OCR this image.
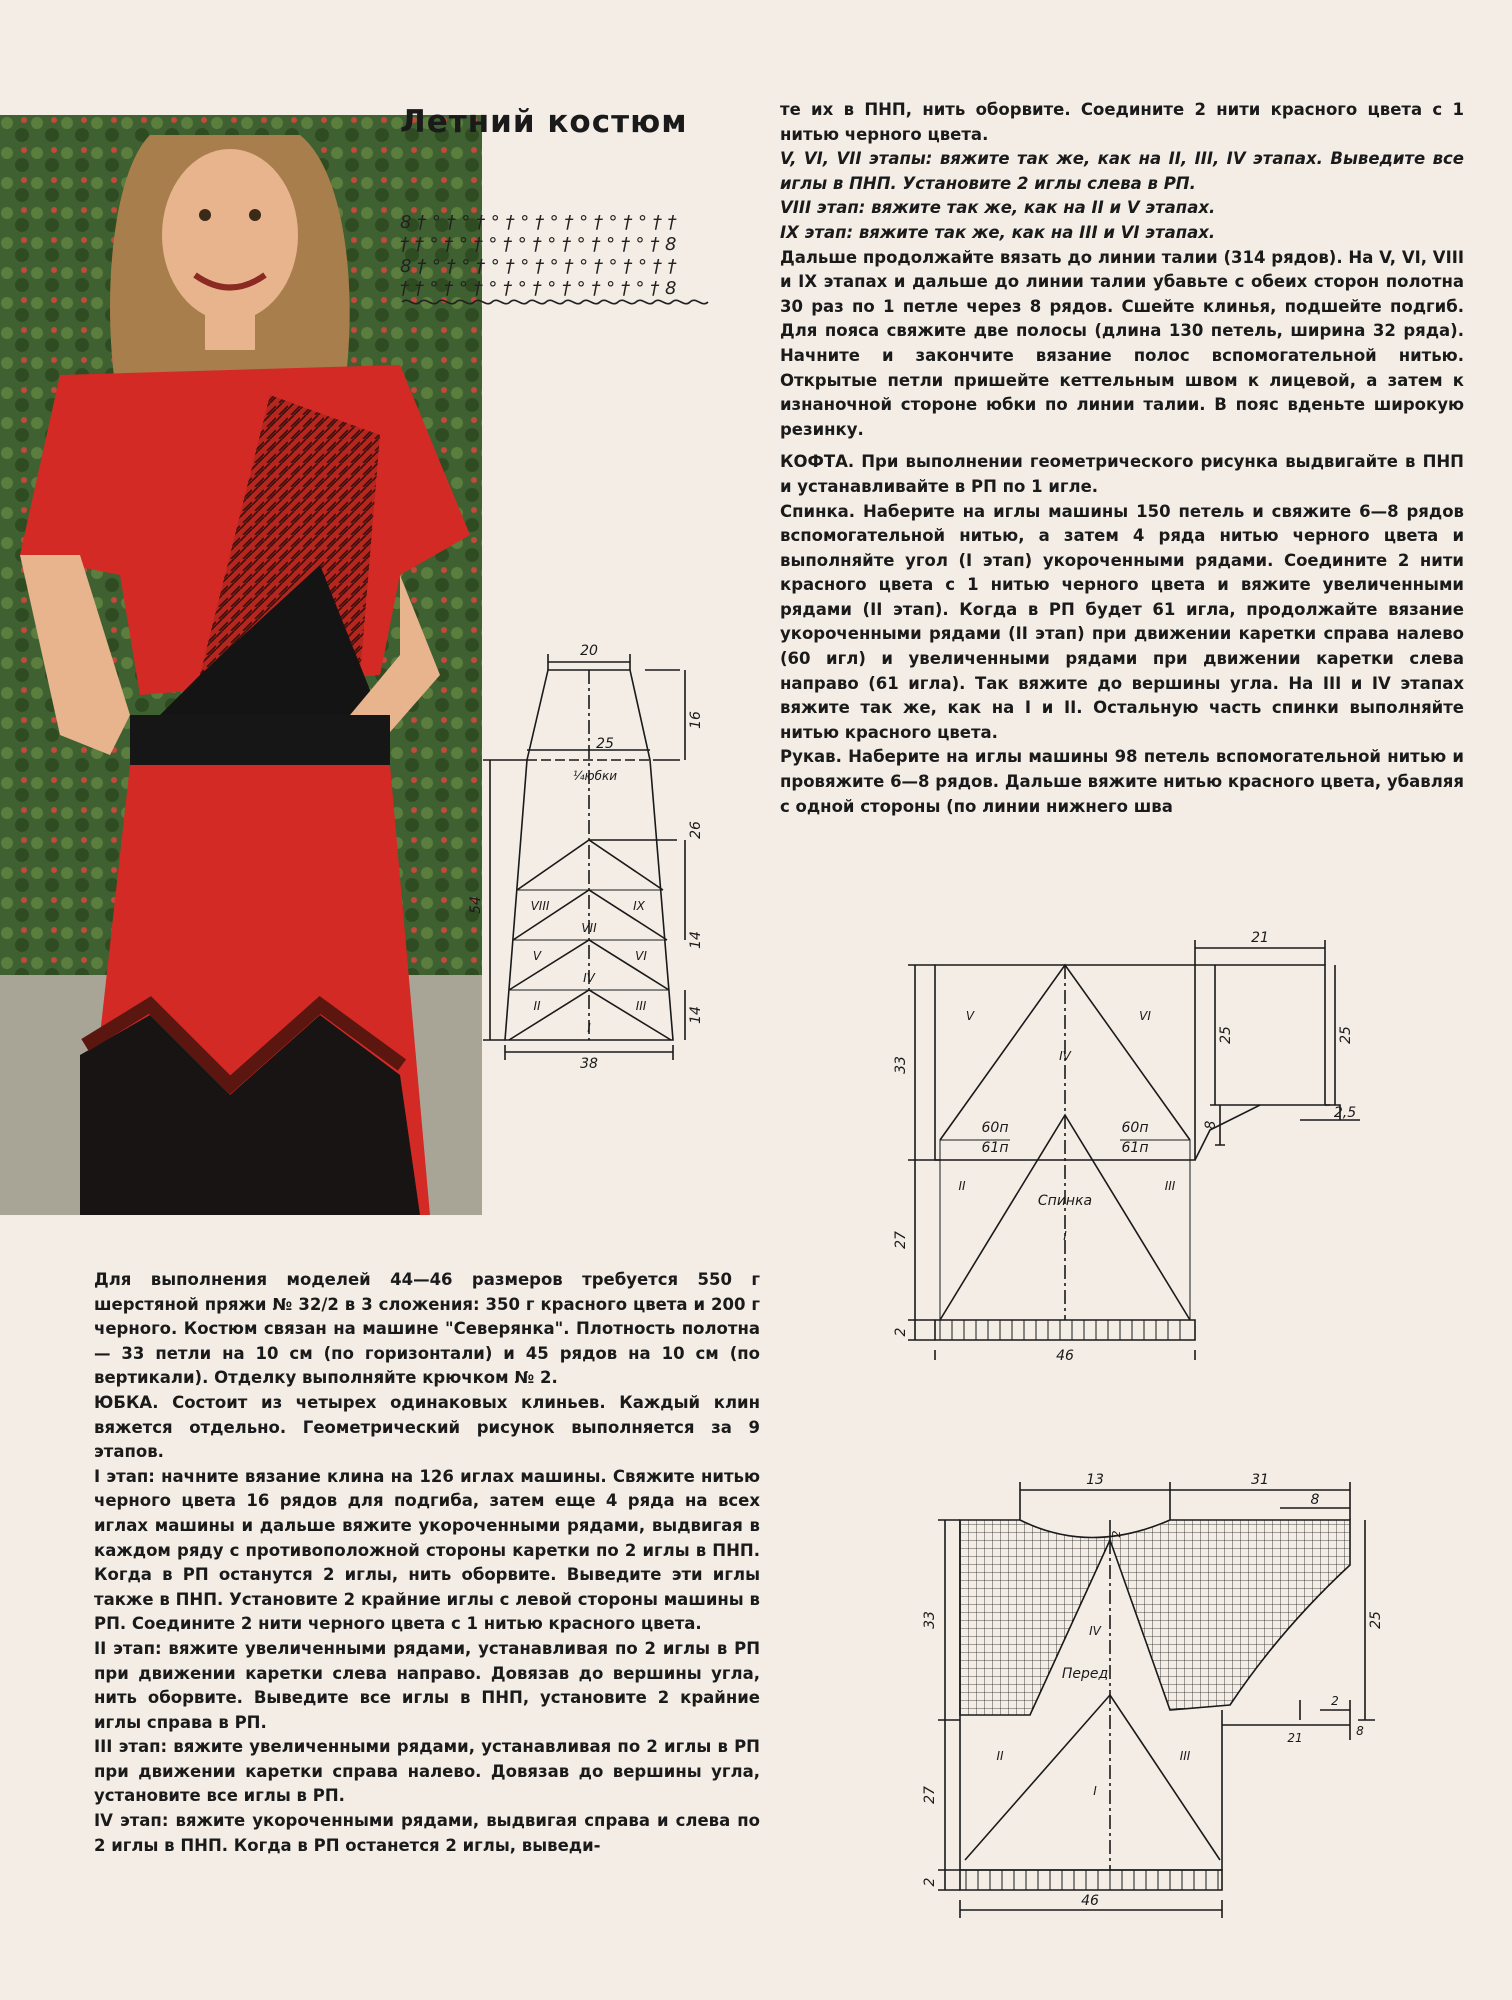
Летний костюм
8 † ° † ° † ° † ° † ° † ° † ° † ° † †
† † ° † ° † ° † ° † ° † ° † ° † ° † 8
8 † ° † ° † ° † ° † ° † ° † ° † ° † †
† † ° † ° † ° † ° † ° † ° † ° † ° † 8

те их в ПНП, нить оборвите. Соедините 2 нити красного цвета с 1 нитью черного цвета.

V, VI, VII этапы: вяжите так же, как на II, III, IV этапах. Выведите все иглы в ПНП. Установите 2 иглы слева в РП.

VIII этап: вяжите так же, как на II и V этапах.

IX этап: вяжите так же, как на III и VI этапах.

Дальше продолжайте вязать до линии талии (314 рядов). На V, VI, VIII и IX этапах и дальше до линии талии убавьте с обеих сторон полотна 30 раз по 1 петле через 8 рядов. Сшейте клинья, подшейте подгиб. Для пояса свяжите две полосы (длина 130 петель, ширина 32 ряда). Начните и закончите вязание полос вспомогательной нитью. Открытые петли пришейте кеттельным швом к лицевой, а затем к изнаночной стороне юбки по линии талии. В пояс вденьте широкую резинку.

КОФТА. При выполнении геометрического рисунка выдвигайте в ПНП и устанавливайте в РП по 1 игле.

Спинка. Наберите на иглы машины 150 петель и свяжите 6—8 рядов вспомогательной нитью, а затем 4 ряда нитью черного цвета и выполняйте угол (I этап) укороченными рядами. Соедините 2 нити красного цвета с 1 нитью черного цвета и вяжите увеличенными рядами (II этап). Когда в РП будет 61 игла, продолжайте вязание укороченными рядами (II этап) при движении каретки справа налево (60 игл) и увеличенными рядами при движении каретки слева направо (61 игла). Так вяжите до вершины угла. На III и IV этапах вяжите так же, как на I и II. Остальную часть спинки выполняйте нитью красного цвета.

Рукав. Наберите на иглы машины 98 петель вспомогательной нитью и провяжите 6—8 рядов. Дальше вяжите нитью красного цвета, убавляя с одной стороны (по линии нижнего шва

Для выполнения моделей 44—46 размеров требуется 550 г шерстяной пряжи № 32/2 в 3 сложения: 350 г красного цвета и 200 г черного. Костюм связан на машине "Северянка". Плотность полотна — 33 петли на 10 см (по горизонтали) и 45 рядов на 10 см (по вертикали). Отделку выполняйте крючком № 2.

ЮБКА. Состоит из четырех одинаковых клиньев. Каждый клин вяжется отдельно. Геометрический рисунок выполняется за 9 этапов.

I этап: начните вязание клина на 126 иглах машины. Свяжите нитью черного цвета 16 рядов для подгиба, затем еще 4 ряда на всех иглах машины и дальше вяжите укороченными рядами, выдвигая в каждом ряду с противоположной стороны каретки по 2 иглы в ПНП. Когда в РП останутся 2 иглы, нить оборвите. Выведите эти иглы также в ПНП. Установите 2 крайние иглы с левой стороны машины в РП. Соедините 2 нити черного цвета с 1 нитью красного цвета.

II этап: вяжите увеличенными рядами, устанавливая по 2 иглы в РП при движении каретки слева направо. Довязав до вершины угла, нить оборвите. Выведите все иглы в ПНП, установите 2 крайние иглы справа в РП.

III этап: вяжите увеличенными рядами, устанавливая по 2 иглы в РП при движении каретки справа налево. Довязав до вершины угла, установите все иглы в РП.

IV этап: вяжите укороченными рядами, выдвигая справа и слева по 2 иглы в ПНП. Когда в РП останется 2 иглы, выведи-

20
16
25
¼юбки
26
54
14
14
38
I
II	III
IV
V	VI
VII
VIII	IX
21
25	25
8
2,5
33
27
2
46
60п
61п
60п
61п
Спинка
I
II	III
IV
V	VI
13	31
8
2
33	25
27
2
2
21	8
46
Перед
I
II	III
IV
